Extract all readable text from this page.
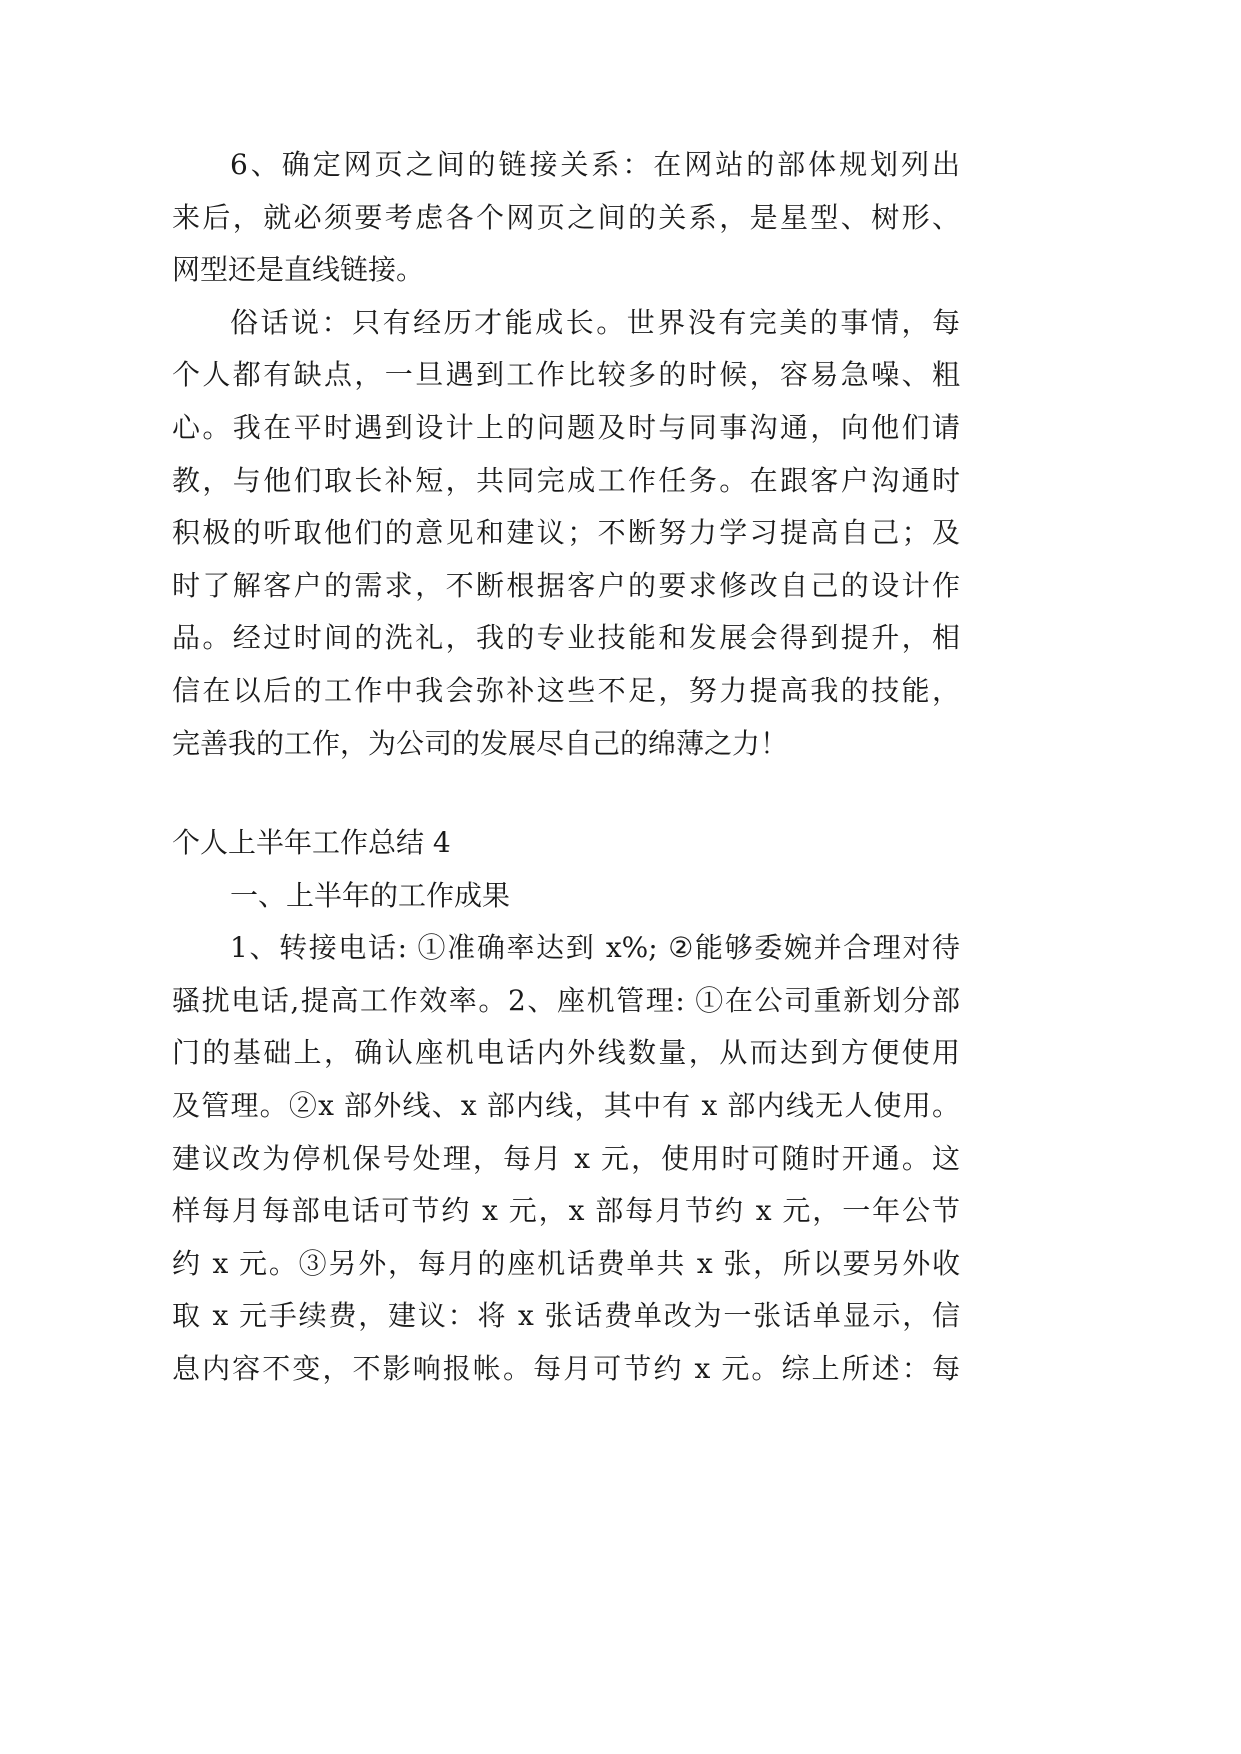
6、确定网页之间的链接关系：在网站的部体规划列出
来后，就必须要考虑各个网页之间的关系，是星型、树形、
网型还是直线链接。
俗话说：只有经历才能成长。世界没有完美的事情，每
个人都有缺点，一旦遇到工作比较多的时候，容易急噪、粗
心。我在平时遇到设计上的问题及时与同事沟通，向他们请
教，与他们取长补短，共同完成工作任务。在跟客户沟通时
积极的听取他们的意见和建议；不断努力学习提高自己；及
时了解客户的需求，不断根据客户的要求修改自己的设计作
品。经过时间的洗礼，我的专业技能和发展会得到提升，相
信在以后的工作中我会弥补这些不足，努力提高我的技能，
完善我的工作，为公司的发展尽自己的绵薄之力！
个人上半年工作总结 4
一、上半年的工作成果
1、转接电话: ①准确率达到 x%; ②能够委婉并合理对待
骚扰电话,提高工作效率。2、座机管理: ①在公司重新划分部
门的基础上，确认座机电话内外线数量，从而达到方便使用
及管理。②x 部外线、x 部内线，其中有 x 部内线无人使用。
建议改为停机保号处理，每月 x 元，使用时可随时开通。这
样每月每部电话可节约 x 元，x 部每月节约 x 元，一年公节
约 x 元。③另外，每月的座机话费单共 x 张，所以要另外收
取 x 元手续费，建议：将 x 张话费单改为一张话单显示，信
息内容不变，不影响报帐。每月可节约 x 元。综上所述：每
